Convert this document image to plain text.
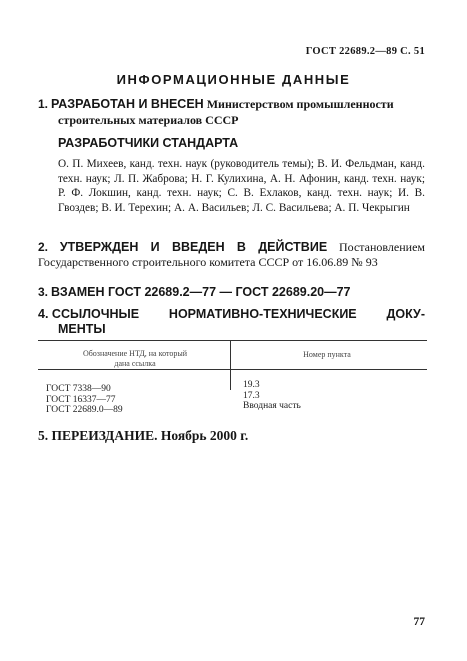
ГОСТ 22689.2—89 С. 51
ИНФОРМАЦИОННЫЕ ДАННЫЕ
1. РАЗРАБОТАН И ВНЕСЕН Министерством промышленности
строительных материалов СССР
РАЗРАБОТЧИКИ СТАНДАРТА
О. П. Михеев, канд. техн. наук (руководитель темы); В. И. Фельдман, канд. техн. наук; Л. П. Жаброва; Н. Г. Кулихина, А. Н. Афонин, канд. техн. наук; Р. Ф. Локшин, канд. техн. наук; С. В. Ехлаков, канд. техн. наук; И. В. Гвоздев; В. И. Терехин; А. А. Васильев; Л. С. Васильева; А. П. Чекрыгин
2. УТВЕРЖДЕН И ВВЕДЕН В ДЕЙСТВИЕ Постановлением Государственного строительного комитета СССР от 16.06.89 № 93
3. ВЗАМЕН ГОСТ 22689.2—77 — ГОСТ 22689.20—77
4. ССЫЛОЧНЫЕ НОРМАТИВНО-ТЕХНИЧЕСКИЕ ДОКУ-
МЕНТЫ
Обозначение НТД, на который
дана ссылка
Номер пункта
ГОСТ 7338—90
ГОСТ 16337—77
ГОСТ 22689.0—89
19.3
17.3
Вводная часть
5. ПЕРЕИЗДАНИЕ. Ноябрь 2000 г.
77
